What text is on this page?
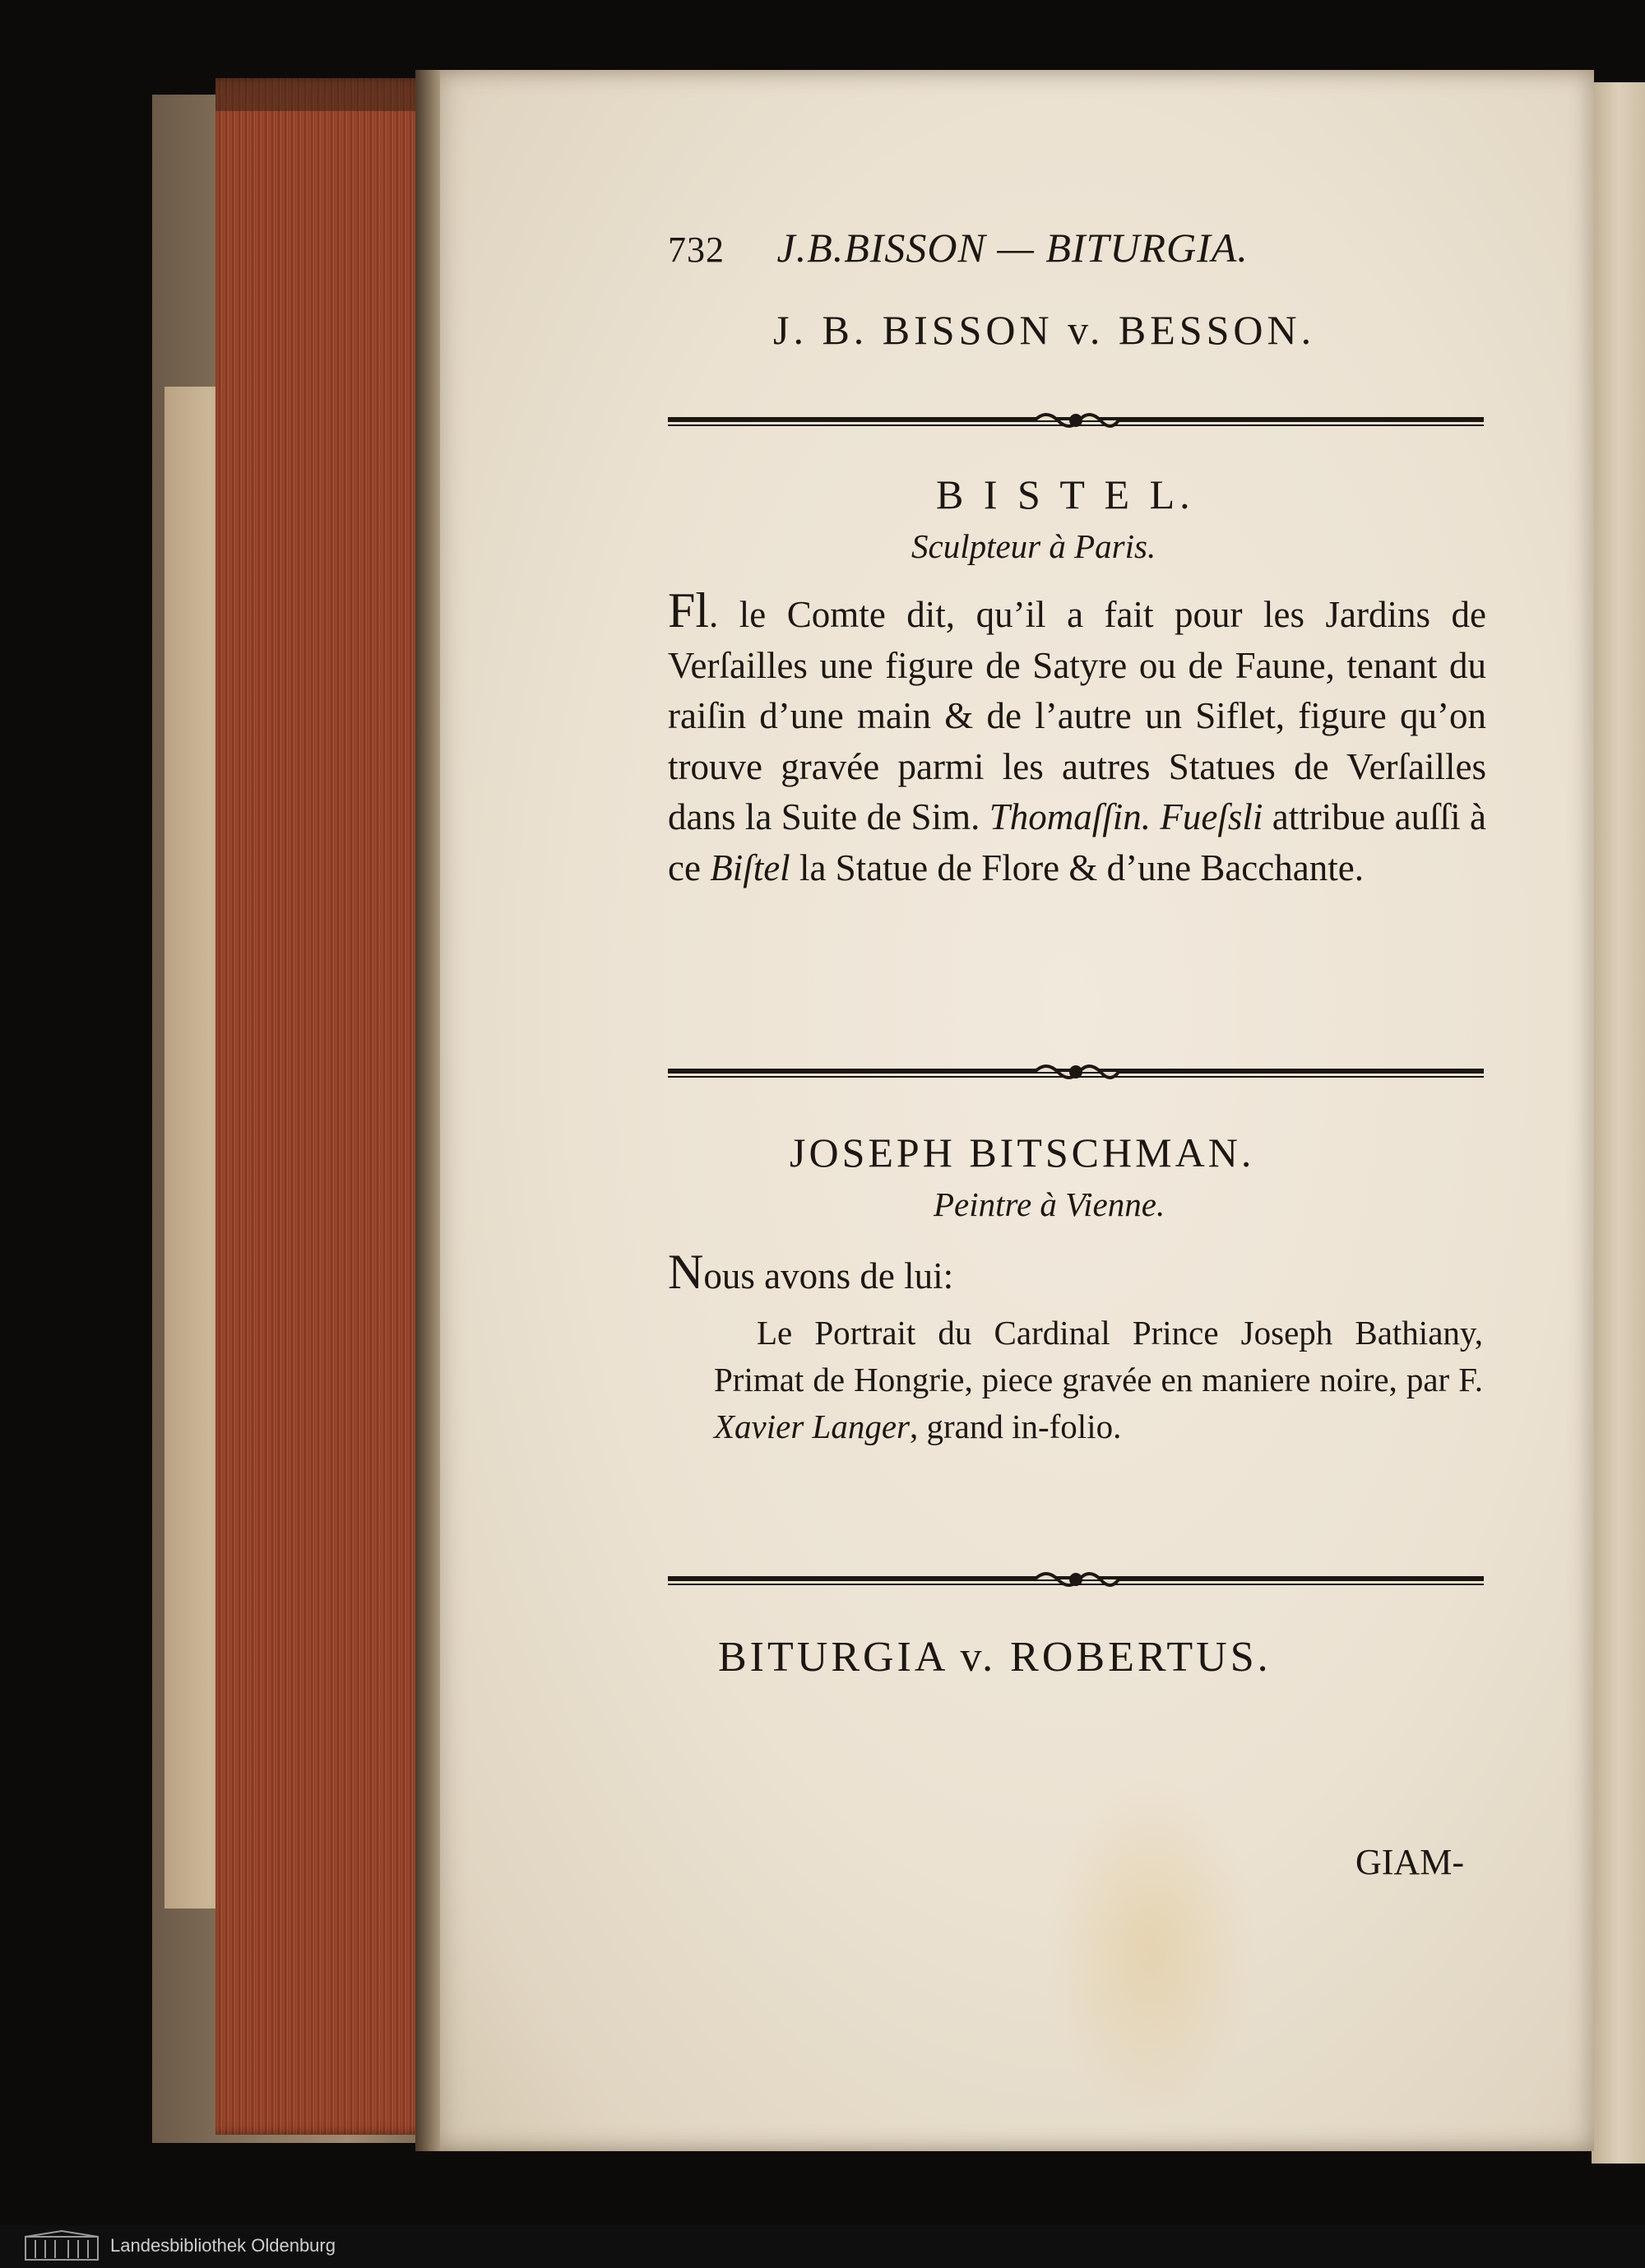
732 J.B.BISSON — BITURGIA.
J. B. BISSON v. BESSON.
B I S T E L.
Sculpteur à Paris.

Fl. le Comte dit, qu’il a fait pour les Jardins de Verſailles une figure de Satyre ou de Faune, tenant du raiſin d’une main & de l’autre un Siflet, figure qu’on trouve gravée parmi les autres Statues de Verſailles dans la Suite de Sim. Thomaſſin. Fueſsli attribue auſſi à ce Biſtel la Statue de Flore & d’une Bacchante.

JOSEPH BITSCHMAN.
Peintre à Vienne.
Nous avons de lui:

Le Portrait du Cardinal Prince Joseph Bathiany, Primat de Hongrie, piece gravée en maniere noire, par F. Xavier Langer, grand in-folio.

BITURGIA v. ROBERTUS.
GIAM-
Landesbibliothek Oldenburg
